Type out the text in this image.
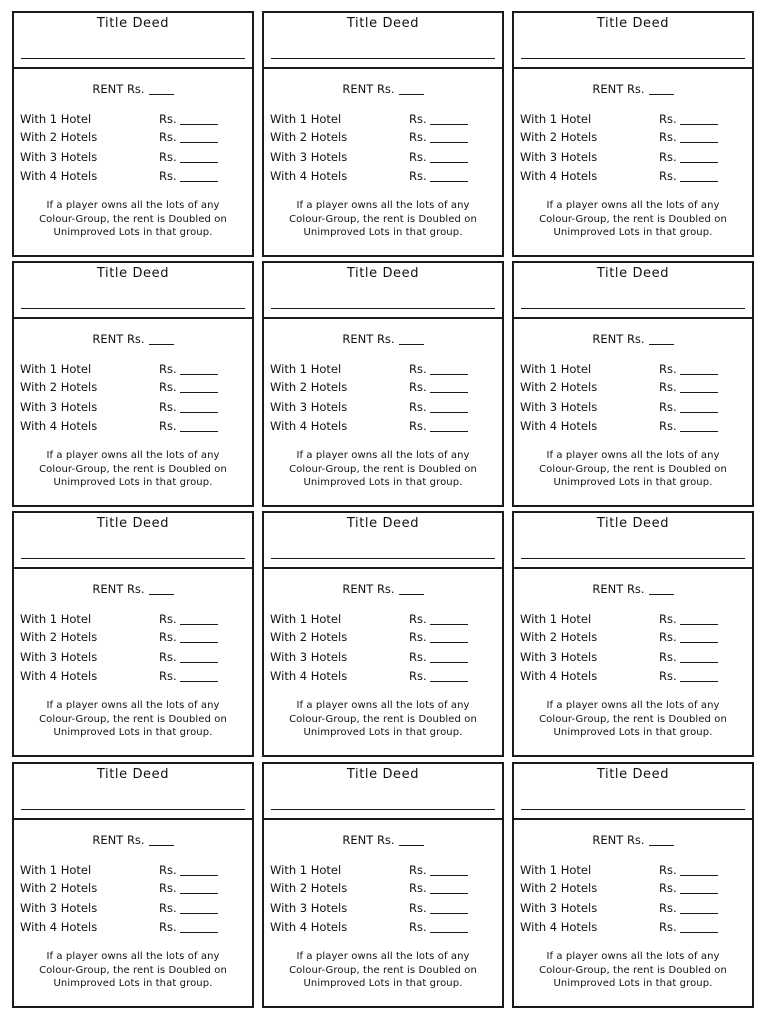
Title Deed
RENT Rs.
With 1 Hotel	Rs.
With 2 Hotels	Rs.
With 3 Hotels	Rs.
With 4 Hotels	Rs.
If a player owns all the lots of any
Colour-Group, the rent is Doubled on
Unimproved Lots in that group.
Title Deed
RENT Rs.
With 1 Hotel	Rs.
With 2 Hotels	Rs.
With 3 Hotels	Rs.
With 4 Hotels	Rs.
If a player owns all the lots of any
Colour-Group, the rent is Doubled on
Unimproved Lots in that group.
Title Deed
RENT Rs.
With 1 Hotel	Rs.
With 2 Hotels	Rs.
With 3 Hotels	Rs.
With 4 Hotels	Rs.
If a player owns all the lots of any
Colour-Group, the rent is Doubled on
Unimproved Lots in that group.
Title Deed
RENT Rs.
With 1 Hotel	Rs.
With 2 Hotels	Rs.
With 3 Hotels	Rs.
With 4 Hotels	Rs.
If a player owns all the lots of any
Colour-Group, the rent is Doubled on
Unimproved Lots in that group.
Title Deed
RENT Rs.
With 1 Hotel	Rs.
With 2 Hotels	Rs.
With 3 Hotels	Rs.
With 4 Hotels	Rs.
If a player owns all the lots of any
Colour-Group, the rent is Doubled on
Unimproved Lots in that group.
Title Deed
RENT Rs.
With 1 Hotel	Rs.
With 2 Hotels	Rs.
With 3 Hotels	Rs.
With 4 Hotels	Rs.
If a player owns all the lots of any
Colour-Group, the rent is Doubled on
Unimproved Lots in that group.
Title Deed
RENT Rs.
With 1 Hotel	Rs.
With 2 Hotels	Rs.
With 3 Hotels	Rs.
With 4 Hotels	Rs.
If a player owns all the lots of any
Colour-Group, the rent is Doubled on
Unimproved Lots in that group.
Title Deed
RENT Rs.
With 1 Hotel	Rs.
With 2 Hotels	Rs.
With 3 Hotels	Rs.
With 4 Hotels	Rs.
If a player owns all the lots of any
Colour-Group, the rent is Doubled on
Unimproved Lots in that group.
Title Deed
RENT Rs.
With 1 Hotel	Rs.
With 2 Hotels	Rs.
With 3 Hotels	Rs.
With 4 Hotels	Rs.
If a player owns all the lots of any
Colour-Group, the rent is Doubled on
Unimproved Lots in that group.
Title Deed
RENT Rs.
With 1 Hotel	Rs.
With 2 Hotels	Rs.
With 3 Hotels	Rs.
With 4 Hotels	Rs.
If a player owns all the lots of any
Colour-Group, the rent is Doubled on
Unimproved Lots in that group.
Title Deed
RENT Rs.
With 1 Hotel	Rs.
With 2 Hotels	Rs.
With 3 Hotels	Rs.
With 4 Hotels	Rs.
If a player owns all the lots of any
Colour-Group, the rent is Doubled on
Unimproved Lots in that group.
Title Deed
RENT Rs.
With 1 Hotel	Rs.
With 2 Hotels	Rs.
With 3 Hotels	Rs.
With 4 Hotels	Rs.
If a player owns all the lots of any
Colour-Group, the rent is Doubled on
Unimproved Lots in that group.
